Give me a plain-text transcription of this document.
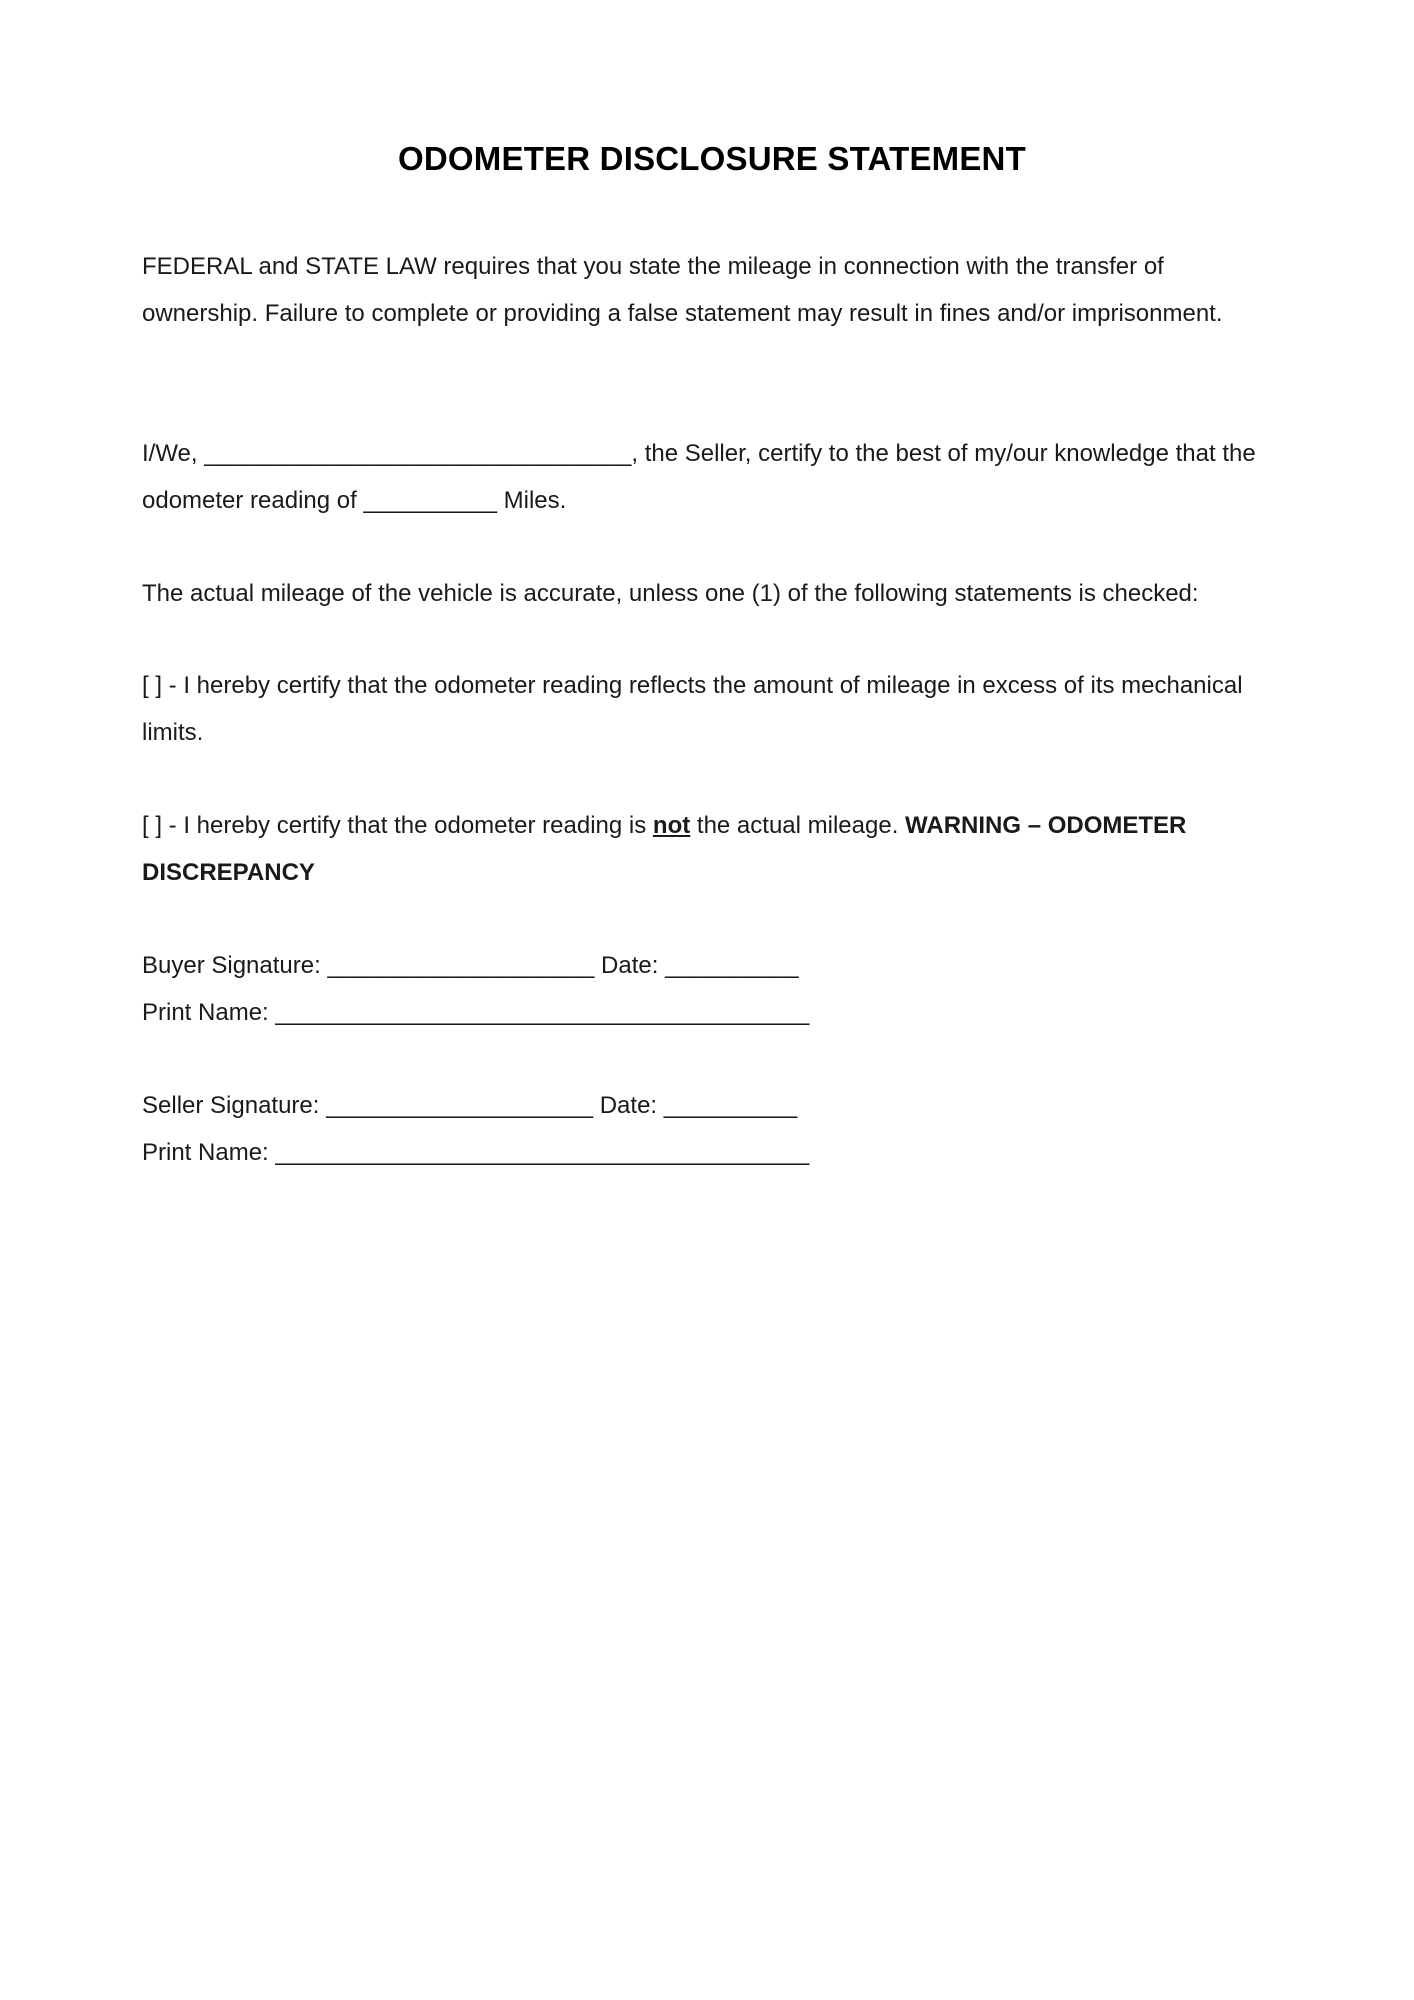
ODOMETER DISCLOSURE STATEMENT

FEDERAL and STATE LAW requires that you state the mileage in connection with the transfer of ownership. Failure to complete or providing a false statement may result in fines and/or imprisonment.

I/We, ________________________________, the Seller, certify to the best of my/our knowledge that the odometer reading of __________ Miles.

The actual mileage of the vehicle is accurate, unless one (1) of the following statements is checked:

[ ] - I hereby certify that the odometer reading reflects the amount of mileage in excess of its mechanical limits.

[ ] - I hereby certify that the odometer reading is not the actual mileage. WARNING – ODOMETER DISCREPANCY

Buyer Signature: ____________________ Date: __________

Print Name: ________________________________________

Seller Signature: ____________________ Date: __________

Print Name: ________________________________________
